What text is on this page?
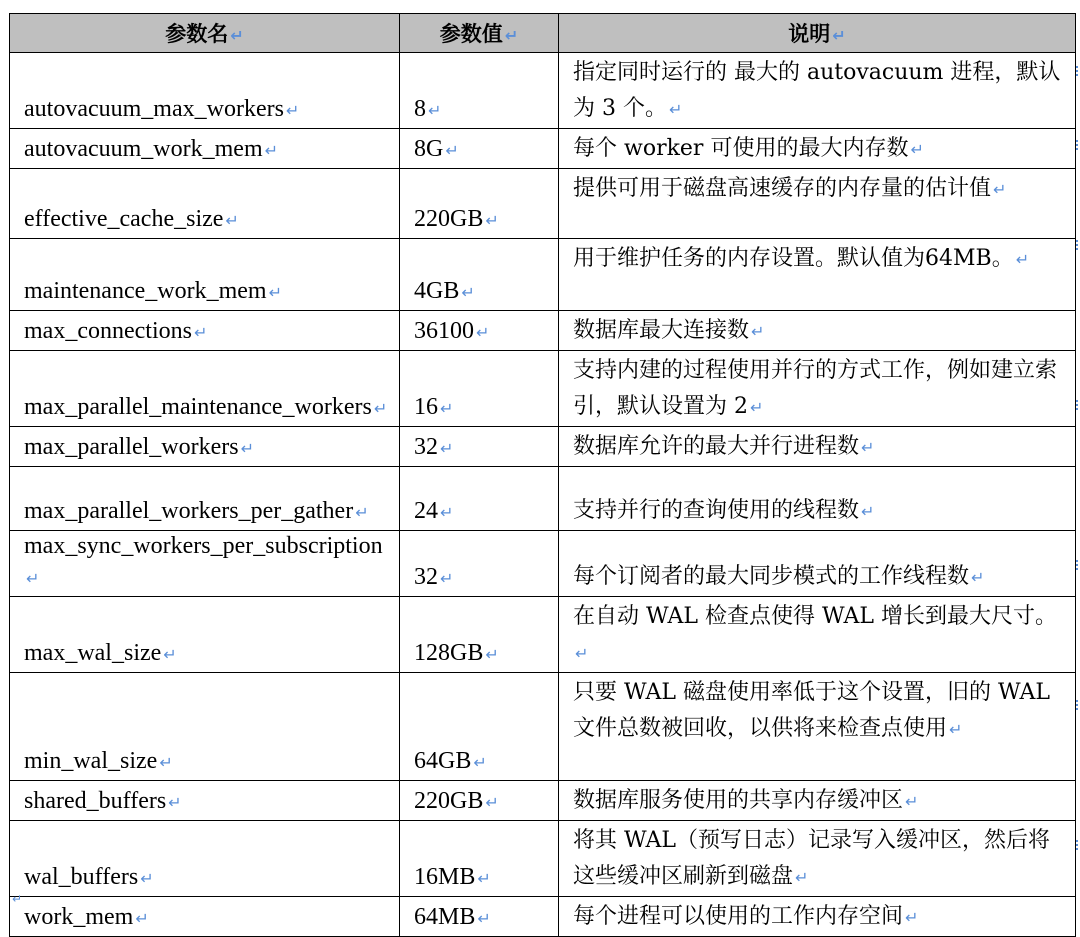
参数名 ↵	参数值 ↵	说明 ↵
autovacuum_max_workers ↵	8 ↵	指定同时运行的 最大的 autovacuum 进程，默认为 3 个。 ↵
autovacuum_work_mem ↵	8G ↵	每个 worker 可使用的最大内存数 ↵
effective_cache_size ↵	220GB ↵	提供可用于磁盘高速缓存的内存量的估计值 ↵
maintenance_work_mem ↵	4GB ↵	用于维护任务的内存设置。默认值为64MB。 ↵
max_connections ↵	36100 ↵	数据库最大连接数 ↵
max_parallel_maintenance_workers ↵	16 ↵	支持内建的过程使用并行的方式工作，例如建立索引，默认设置为 2 ↵
max_parallel_workers ↵	32 ↵	数据库允许的最大并行进程数 ↵
max_parallel_workers_per_gather ↵	24 ↵	支持并行的查询使用的线程数 ↵
max_sync_workers_per_subscription ↵	32 ↵	每个订阅者的最大同步模式的工作线程数 ↵
max_wal_size ↵	128GB ↵	在自动 WAL 检查点使得 WAL 增长到最大尺寸。 ↵
min_wal_size ↵	64GB ↵	只要 WAL 磁盘使用率低于这个设置，旧的 WAL 文件总数被回收，以供将来检查点使用 ↵
shared_buffers ↵	220GB ↵	数据库服务使用的共享内存缓冲区 ↵
wal_buffers ↵	16MB ↵	将其 WAL（预写日志）记录写入缓冲区，然后将这些缓冲区刷新到磁盘 ↵
work_mem ↵	64MB ↵	每个进程可以使用的工作内存空间 ↵
↵
